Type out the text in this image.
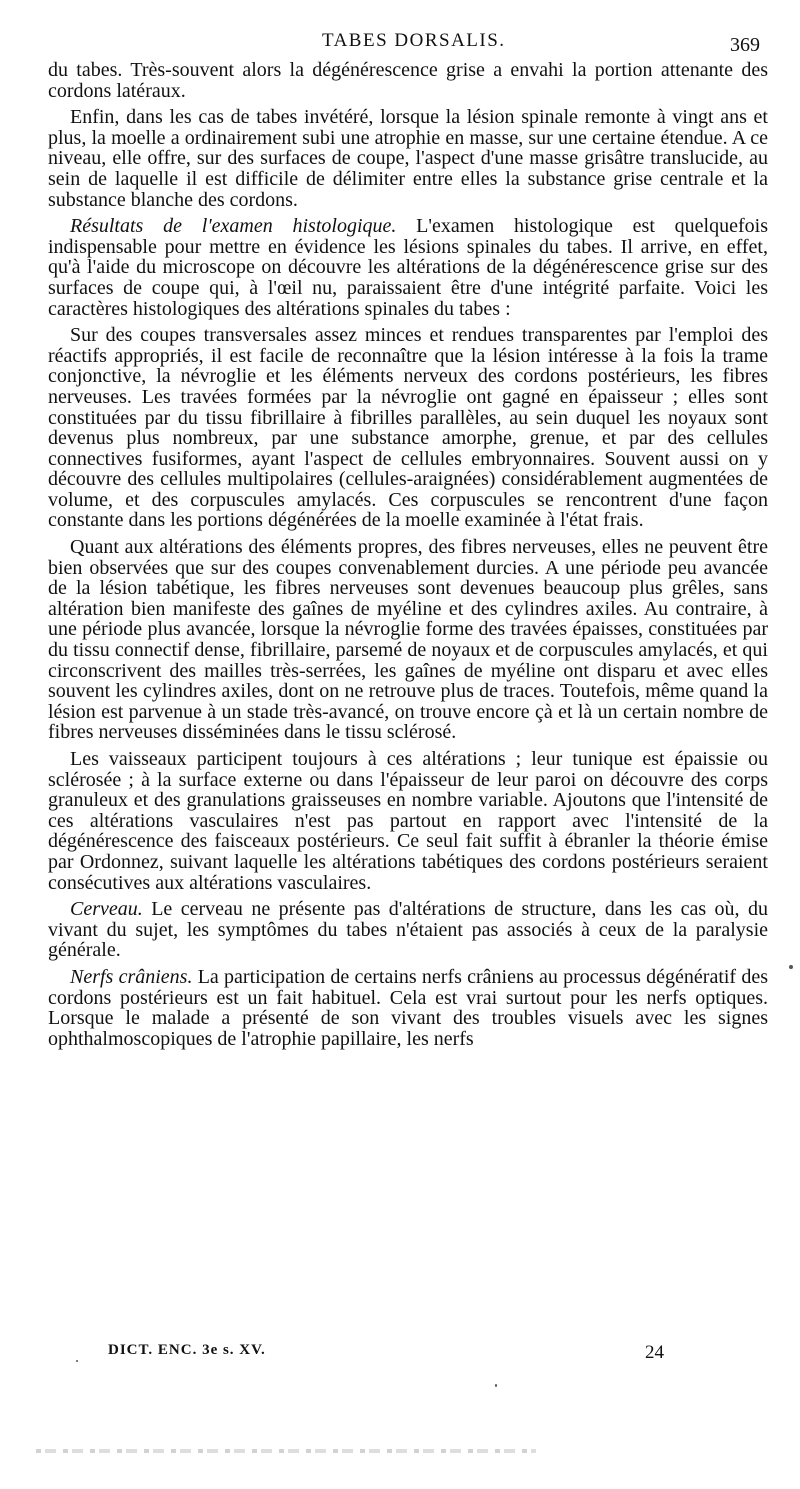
TABES DORSALIS.	369

du tabes. Très-souvent alors la dégénérescence grise a envahi la portion attenante des cordons latéraux.

Enfin, dans les cas de tabes invétéré, lorsque la lésion spinale remonte à vingt ans et plus, la moelle a ordinairement subi une atrophie en masse, sur une certaine étendue. A ce niveau, elle offre, sur des surfaces de coupe, l'aspect d'une masse grisâtre translucide, au sein de laquelle il est difficile de délimiter entre elles la substance grise centrale et la substance blanche des cordons.

Résultats de l'examen histologique. L'examen histologique est quelquefois indispensable pour mettre en évidence les lésions spinales du tabes. Il arrive, en effet, qu'à l'aide du microscope on découvre les altérations de la dégénérescence grise sur des surfaces de coupe qui, à l'œil nu, paraissaient être d'une intégrité parfaite. Voici les caractères histologiques des altérations spinales du tabes :

Sur des coupes transversales assez minces et rendues transparentes par l'emploi des réactifs appropriés, il est facile de reconnaître que la lésion intéresse à la fois la trame conjonctive, la névroglie et les éléments nerveux des cordons postérieurs, les fibres nerveuses. Les travées formées par la névroglie ont gagné en épaisseur ; elles sont constituées par du tissu fibrillaire à fibrilles parallèles, au sein duquel les noyaux sont devenus plus nombreux, par une substance amorphe, grenue, et par des cellules connectives fusiformes, ayant l'aspect de cellules embryonnaires. Souvent aussi on y découvre des cellules multipolaires (cellules-araignées) considérablement augmentées de volume, et des corpuscules amylacés. Ces corpuscules se rencontrent d'une façon constante dans les portions dégénérées de la moelle examinée à l'état frais.

Quant aux altérations des éléments propres, des fibres nerveuses, elles ne peuvent être bien observées que sur des coupes convenablement durcies. A une période peu avancée de la lésion tabétique, les fibres nerveuses sont devenues beaucoup plus grêles, sans altération bien manifeste des gaînes de myéline et des cylindres axiles. Au contraire, à une période plus avancée, lorsque la névroglie forme des travées épaisses, constituées par du tissu connectif dense, fibrillaire, parsemé de noyaux et de corpuscules amylacés, et qui circonscrivent des mailles très-serrées, les gaînes de myéline ont disparu et avec elles souvent les cylindres axiles, dont on ne retrouve plus de traces. Toutefois, même quand la lésion est parvenue à un stade très-avancé, on trouve encore çà et là un certain nombre de fibres nerveuses disséminées dans le tissu sclérosé.

Les vaisseaux participent toujours à ces altérations ; leur tunique est épaissie ou sclérosée ; à la surface externe ou dans l'épaisseur de leur paroi on découvre des corps granuleux et des granulations graisseuses en nombre variable. Ajoutons que l'intensité de ces altérations vasculaires n'est pas partout en rapport avec l'intensité de la dégénérescence des faisceaux postérieurs. Ce seul fait suffit à ébranler la théorie émise par Ordonnez, suivant laquelle les altérations tabétiques des cordons postérieurs seraient consécutives aux altérations vasculaires.

Cerveau. Le cerveau ne présente pas d'altérations de structure, dans les cas où, du vivant du sujet, les symptômes du tabes n'étaient pas associés à ceux de la paralysie générale.

Nerfs crâniens. La participation de certains nerfs crâniens au processus dégénératif des cordons postérieurs est un fait habituel. Cela est vrai surtout pour les nerfs optiques. Lorsque le malade a présenté de son vivant des troubles visuels avec les signes ophthalmoscopiques de l'atrophie papillaire, les nerfs

DICT. ENC. 3e s. XV.	24
